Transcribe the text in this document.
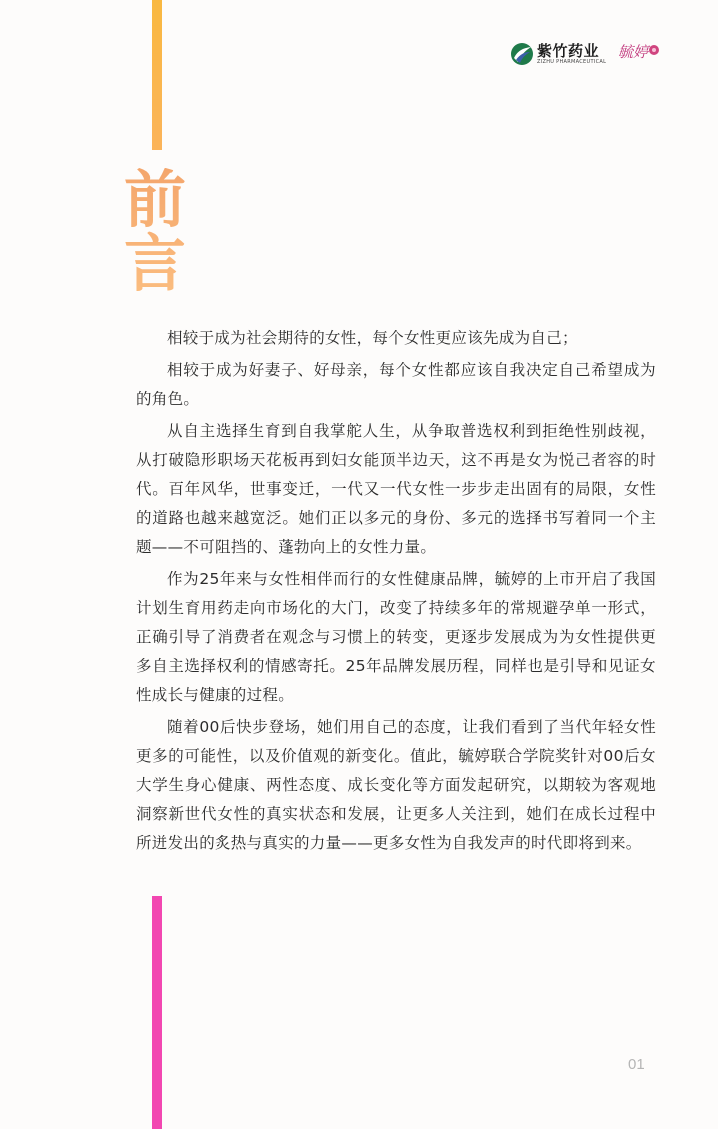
紫竹药业
ZIZHU PHARMACEUTICAL
毓婷
前
言

相较于成为社会期待的女性，每个女性更应该先成为自己；

相较于成为好妻子、好母亲，每个女性都应该自我决定自己希望成为的角色。

从自主选择生育到自我掌舵人生，从争取普选权利到拒绝性别歧视，从打破隐形职场天花板再到妇女能顶半边天，这不再是女为悦己者容的时代。百年风华，世事变迁，一代又一代女性一步步走出固有的局限，女性的道路也越来越宽泛。她们正以多元的身份、多元的选择书写着同一个主题——不可阻挡的、蓬勃向上的女性力量。

作为25年来与女性相伴而行的女性健康品牌，毓婷的上市开启了我国计划生育用药走向市场化的大门，改变了持续多年的常规避孕单一形式，正确引导了消费者在观念与习惯上的转变，更逐步发展成为为女性提供更多自主选择权利的情感寄托。25年品牌发展历程，同样也是引导和见证女性成长与健康的过程。

随着00后快步登场，她们用自己的态度，让我们看到了当代年轻女性更多的可能性，以及价值观的新变化。值此，毓婷联合学院奖针对00后女大学生身心健康、两性态度、成长变化等方面发起研究，以期较为客观地洞察新世代女性的真实状态和发展，让更多人关注到，她们在成长过程中所迸发出的炙热与真实的力量——更多女性为自我发声的时代即将到来。

01
